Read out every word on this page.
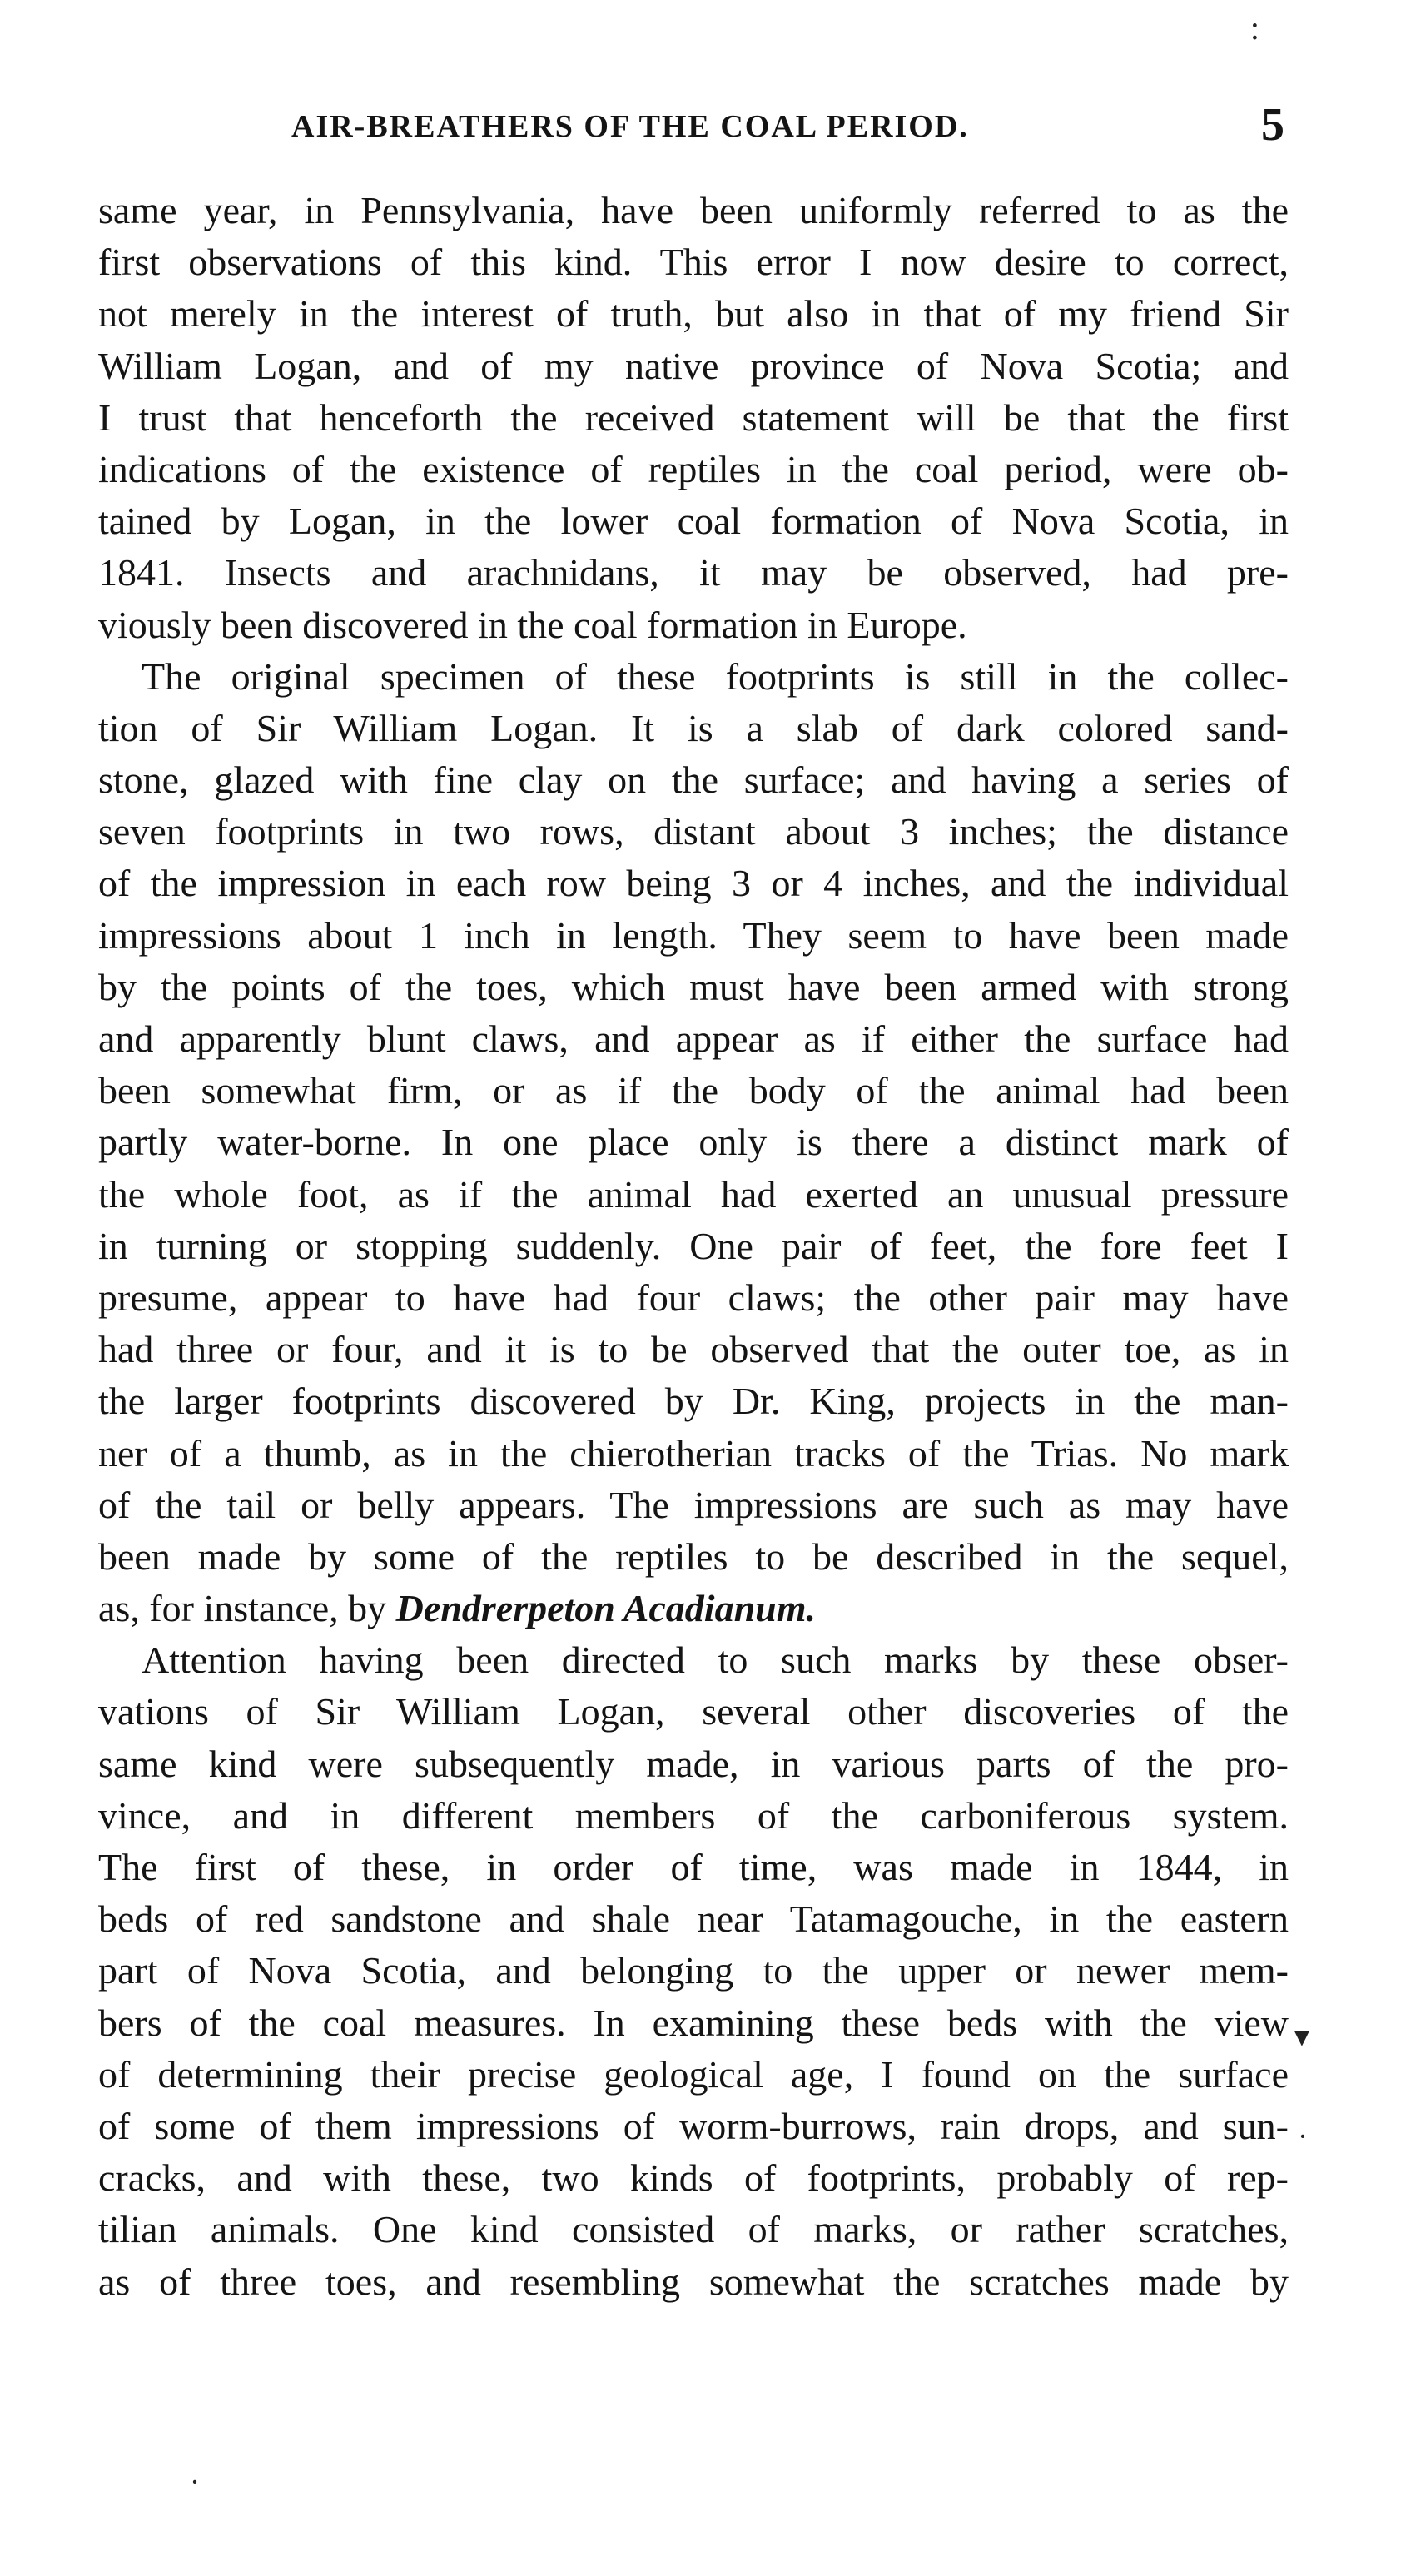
:
AIR-BREATHERS OF THE COAL PERIOD.	5
same year, in Pennsylvania, have been uniformly referred to as the
first observations of this kind. This error I now desire to correct,
not merely in the interest of truth, but also in that of my friend Sir
William Logan, and of my native province of Nova Scotia; and
I trust that henceforth the received statement will be that the first
indications of the existence of reptiles in the coal period, were ob-
tained by Logan, in the lower coal formation of Nova Scotia, in
1841. Insects and arachnidans, it may be observed, had pre-
viously been discovered in the coal formation in Europe.
The original specimen of these footprints is still in the collec-
tion of Sir William Logan. It is a slab of dark colored sand-
stone, glazed with fine clay on the surface; and having a series of
seven footprints in two rows, distant about 3 inches; the distance
of the impression in each row being 3 or 4 inches, and the individual
impressions about 1 inch in length. They seem to have been made
by the points of the toes, which must have been armed with strong
and apparently blunt claws, and appear as if either the surface had
been somewhat firm, or as if the body of the animal had been
partly water-borne. In one place only is there a distinct mark of
the whole foot, as if the animal had exerted an unusual pressure
in turning or stopping suddenly. One pair of feet, the fore feet I
presume, appear to have had four claws; the other pair may have
had three or four, and it is to be observed that the outer toe, as in
the larger footprints discovered by Dr. King, projects in the man-
ner of a thumb, as in the chierotherian tracks of the Trias. No mark
of the tail or belly appears. The impressions are such as may have
been made by some of the reptiles to be described in the sequel,
as, for instance, by Dendrerpeton Acadianum.
Attention having been directed to such marks by these obser-
vations of Sir William Logan, several other discoveries of the
same kind were subsequently made, in various parts of the pro-
vince, and in different members of the carboniferous system.
The first of these, in order of time, was made in 1844, in
beds of red sandstone and shale near Tatamagouche, in the eastern
part of Nova Scotia, and belonging to the upper or newer mem-
bers of the coal measures. In examining these beds with the view
of determining their precise geological age, I found on the surface
of some of them impressions of worm-burrows, rain drops, and sun-
cracks, and with these, two kinds of footprints, probably of rep-
tilian animals. One kind consisted of marks, or rather scratches,
as of three toes, and resembling somewhat the scratches made by
▾
·
·
